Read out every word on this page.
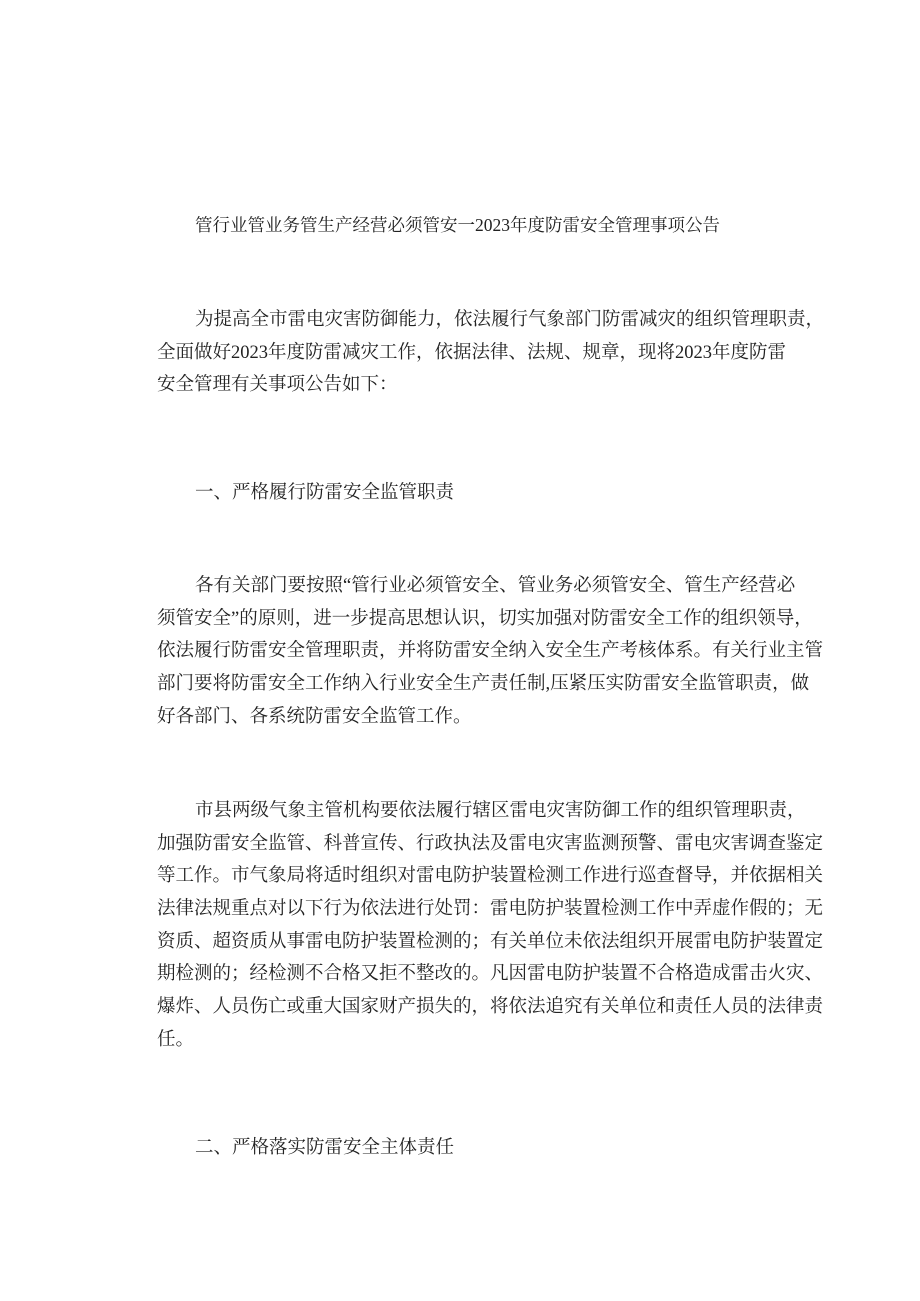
管行业管业务管生产经营必须管安一2023年度防雷安全管理事项公告
为提高全市雷电灾害防御能力，依法履行气象部门防雷减灾的组织管理职责，
全面做好2023年度防雷减灾工作，依据法律、法规、规章，现将2023年度防雷
安全管理有关事项公告如下：
一、严格履行防雷安全监管职责
各有关部门要按照“管行业必须管安全、管业务必须管安全、管生产经营必
须管安全”的原则，进一步提高思想认识，切实加强对防雷安全工作的组织领导，
依法履行防雷安全管理职责，并将防雷安全纳入安全生产考核体系。有关行业主管
部门要将防雷安全工作纳入行业安全生产责任制,压紧压实防雷安全监管职责，做
好各部门、各系统防雷安全监管工作。
市县两级气象主管机构要依法履行辖区雷电灾害防御工作的组织管理职责，
加强防雷安全监管、科普宣传、行政执法及雷电灾害监测预警、雷电灾害调查鉴定
等工作。市气象局将适时组织对雷电防护装置检测工作进行巡查督导，并依据相关
法律法规重点对以下行为依法进行处罚：雷电防护装置检测工作中弄虚作假的；无
资质、超资质从事雷电防护装置检测的；有关单位未依法组织开展雷电防护装置定
期检测的；经检测不合格又拒不整改的。凡因雷电防护装置不合格造成雷击火灾、
爆炸、人员伤亡或重大国家财产损失的，将依法追究有关单位和责任人员的法律责
任。
二、严格落实防雷安全主体责任
